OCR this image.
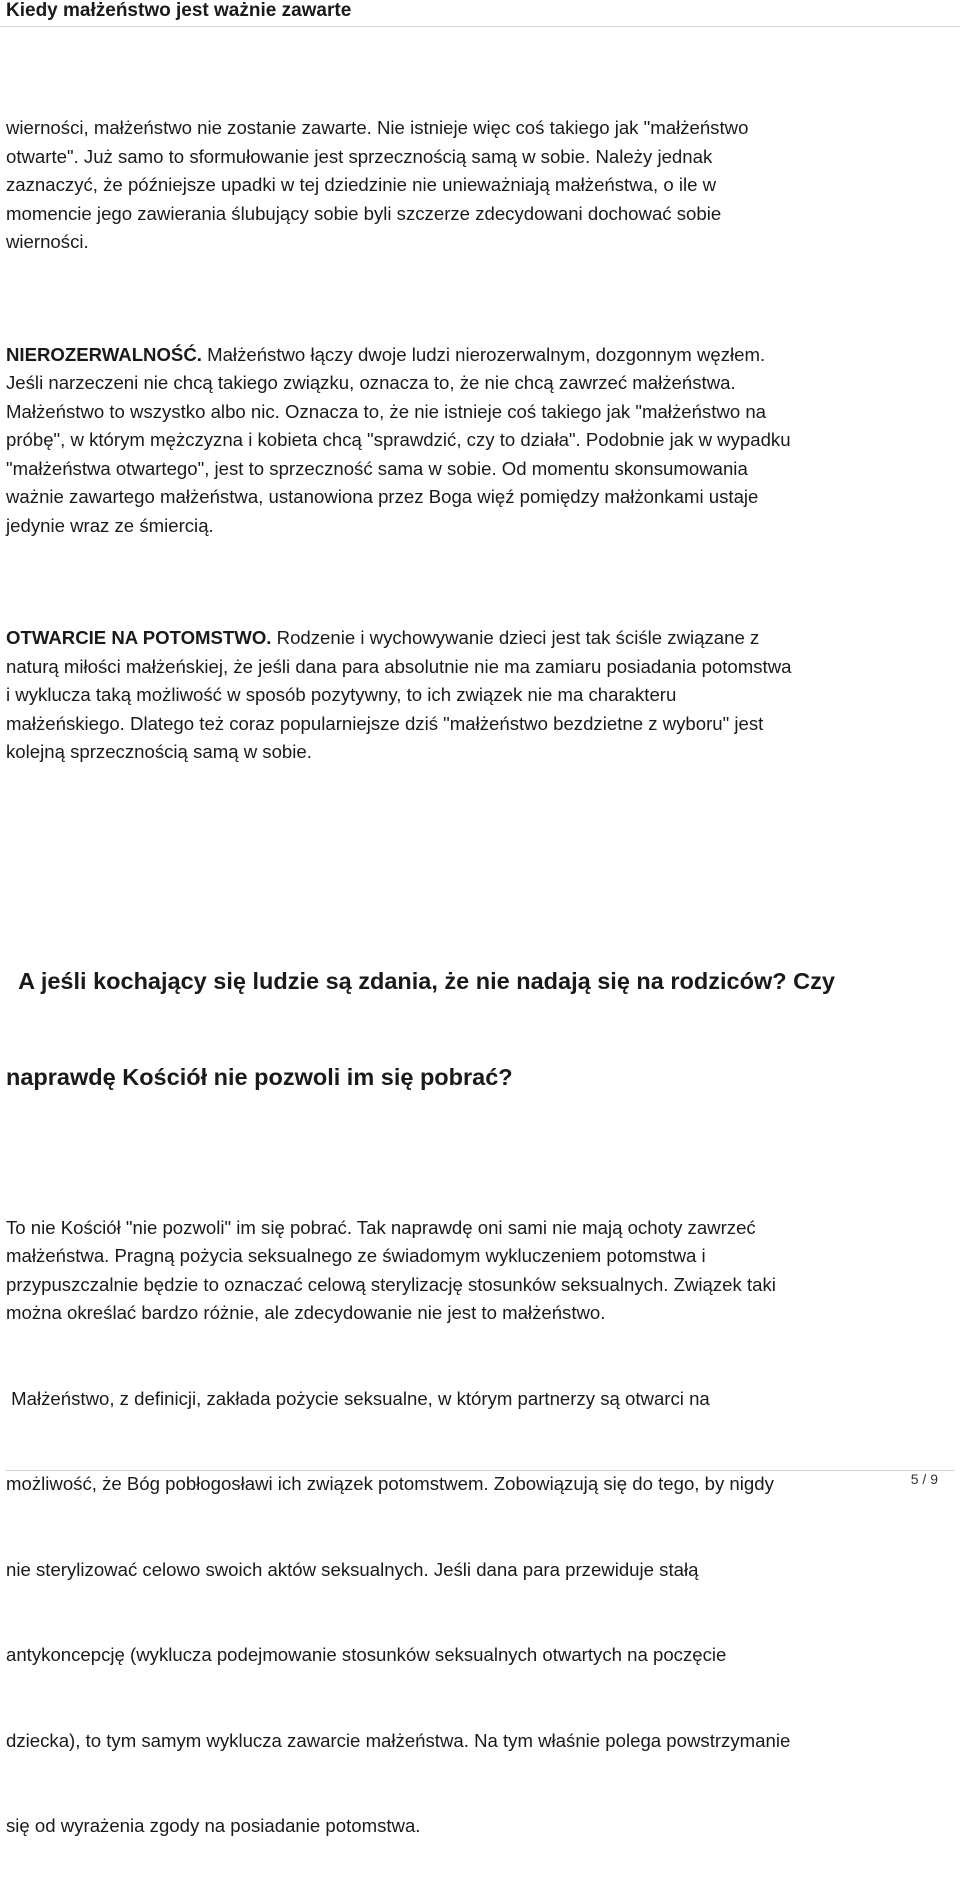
Kiedy małżeństwo jest ważnie zawarte

wierności, małżeństwo nie zostanie zawarte. Nie istnieje więc coś takiego jak "małżeństwo
otwarte". Już samo to sformułowanie jest sprzecznością samą w sobie. Należy jednak
zaznaczyć, że późniejsze upadki w tej dziedzinie nie unieważniają małżeństwa, o ile w
momencie jego zawierania ślubujący sobie byli szczerze zdecydowani dochować sobie
wierności.

NIEROZERWALNOŚĆ. Małżeństwo łączy dwoje ludzi nierozerwalnym, dozgonnym węzłem.
Jeśli narzeczeni nie chcą takiego związku, oznacza to, że nie chcą zawrzeć małżeństwa.
Małżeństwo to wszystko albo nic. Oznacza to, że nie istnieje coś takiego jak "małżeństwo na
próbę", w którym mężczyzna i kobieta chcą "sprawdzić, czy to działa". Podobnie jak w wypadku
"małżeństwa otwartego", jest to sprzeczność sama w sobie. Od momentu skonsumowania
ważnie zawartego małżeństwa, ustanowiona przez Boga więź pomiędzy małżonkami ustaje
jedynie wraz ze śmiercią.

OTWARCIE NA POTOMSTWO. Rodzenie i wychowywanie dzieci jest tak ściśle związane z
naturą miłości małżeńskiej, że jeśli dana para absolutnie nie ma zamiaru posiadania potomstwa
i wyklucza taką możliwość w sposób pozytywny, to ich związek nie ma charakteru
małżeńskiego. Dlatego też coraz popularniejsze dziś "małżeństwo bezdzietne z wyboru" jest
kolejną sprzecznością samą w sobie.

A jeśli kochający się ludzie są zdania, że nie nadają się na rodziców? Czy

naprawdę Kościół nie pozwoli im się pobrać?

To nie Kościół "nie pozwoli" im się pobrać. Tak naprawdę oni sami nie mają ochoty zawrzeć
małżeństwa. Pragną pożycia seksualnego ze świadomym wykluczeniem potomstwa i
przypuszczalnie będzie to oznaczać celową sterylizację stosunków seksualnych. Związek taki
można określać bardzo różnie, ale zdecydowanie nie jest to małżeństwo.

Małżeństwo, z definicji, zakłada pożycie seksualne, w którym partnerzy są otwarci na

możliwość, że Bóg pobłogosławi ich związek potomstwem. Zobowiązują się do tego, by nigdy

nie sterylizować celowo swoich aktów seksualnych. Jeśli dana para przewiduje stałą

antykoncepcję (wyklucza podejmowanie stosunków seksualnych otwartych na poczęcie

dziecka), to tym samym wyklucza zawarcie małżeństwa. Na tym właśnie polega powstrzymanie

się od wyrażenia zgody na posiadanie potomstwa.

5 / 9
